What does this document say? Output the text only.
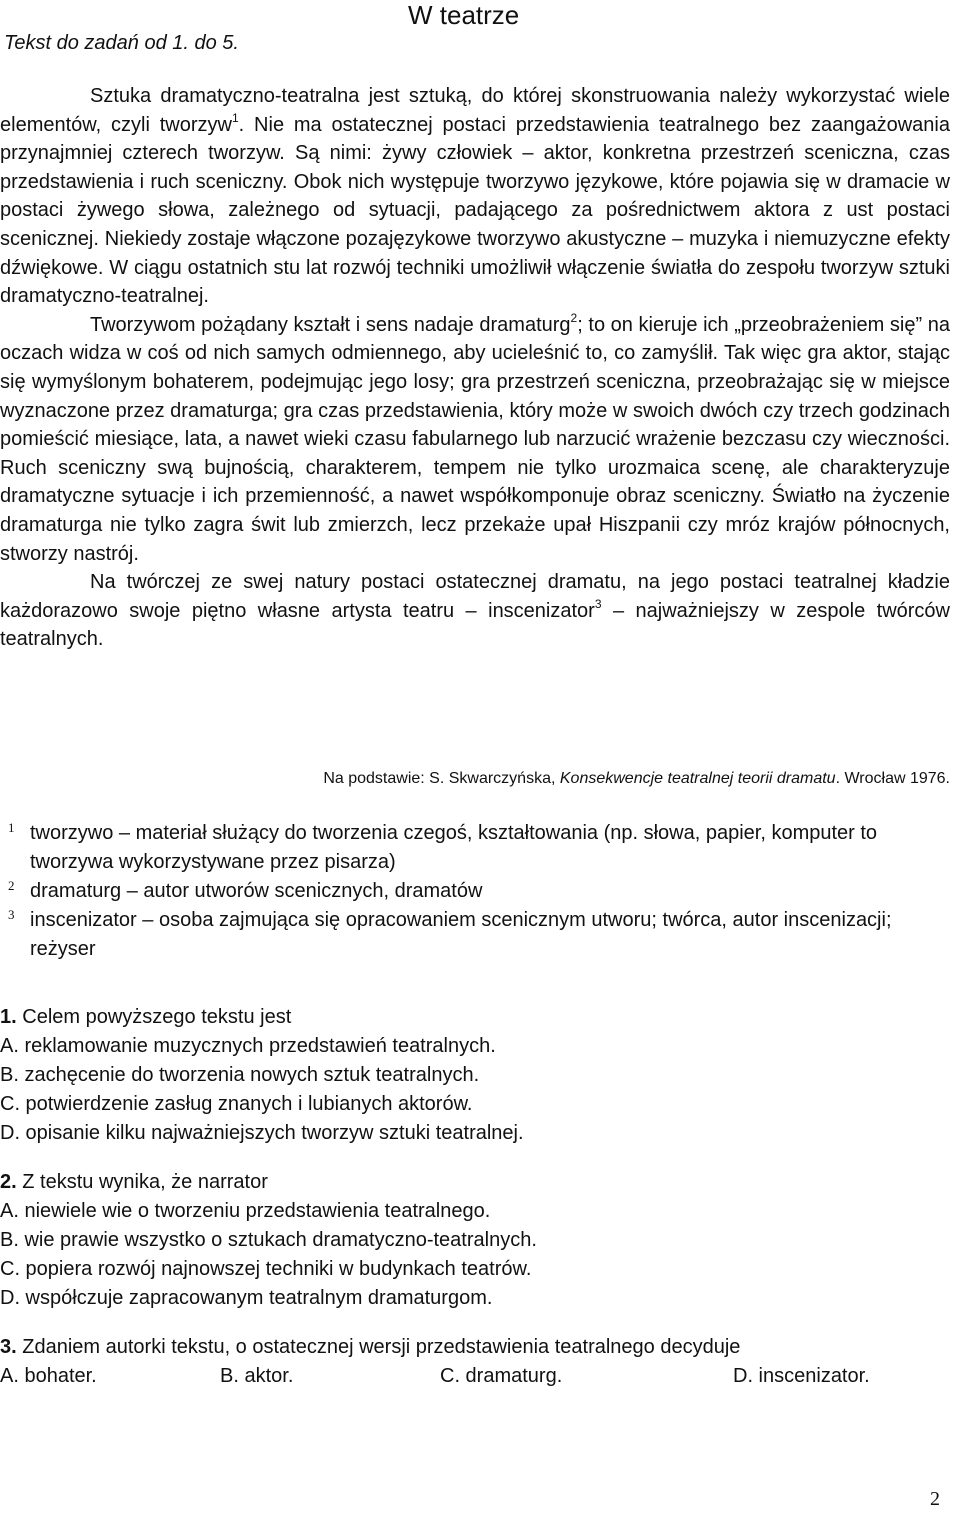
Tekst do zadań od 1. do 5.
W teatrze

Sztuka dramatyczno-teatralna jest sztuką, do której skonstruowania należy wykorzystać wiele elementów, czyli tworzyw$^1$. Nie ma ostatecznej postaci przedstawienia teatralnego bez zaangażowania przynajmniej czterech tworzyw. Są nimi: żywy człowiek – aktor, konkretna przestrzeń sceniczna, czas przedstawienia i ruch sceniczny. Obok nich występuje tworzywo językowe, które pojawia się w dramacie w postaci żywego słowa, zależnego od sytuacji, padającego za pośrednictwem aktora z ust postaci scenicznej. Niekiedy zostaje włączone pozajęzykowe tworzywo akustyczne – muzyka i niemuzyczne efekty dźwiękowe. W ciągu ostatnich stu lat rozwój techniki umożliwił włączenie światła do zespołu tworzyw sztuki dramatyczno-teatralnej.

Tworzywom pożądany kształt i sens nadaje dramaturg$^2$; to on kieruje ich „przeobrażeniem się” na oczach widza w coś od nich samych odmiennego, aby ucieleśnić to, co zamyślił. Tak więc gra aktor, stając się wymyślonym bohaterem, podejmując jego losy; gra przestrzeń sceniczna, przeobrażając się w miejsce wyznaczone przez dramaturga; gra czas przedstawienia, który może w swoich dwóch czy trzech godzinach pomieścić miesiące, lata, a nawet wieki czasu fabularnego lub narzucić wrażenie bezczasu czy wieczności. Ruch sceniczny swą bujnością, charakterem, tempem nie tylko urozmaica scenę, ale charakteryzuje dramatyczne sytuacje i ich przemienność, a nawet współkomponuje obraz sceniczny. Światło na życzenie dramaturga nie tylko zagra świt lub zmierzch, lecz przekaże upał Hiszpanii czy mróz krajów północnych, stworzy nastrój.

Na twórczej ze swej natury postaci ostatecznej dramatu, na jego postaci teatralnej kładzie każdorazowo swoje piętno własne artysta teatru – inscenizator$^3$ – najważniejszy w zespole twórców teatralnych.

Na podstawie: S. Skwarczyńska, Konsekwencje teatralnej teorii dramatu. Wrocław 1976.
1 tworzywo – materiał służący do tworzenia czegoś, kształtowania (np. słowa, papier, komputer to tworzywa wykorzystywane przez pisarza)
2 dramaturg – autor utworów scenicznych, dramatów
3 inscenizator – osoba zajmująca się opracowaniem scenicznym utworu; twórca, autor inscenizacji; reżyser
1. Celem powyższego tekstu jest
A. reklamowanie muzycznych przedstawień teatralnych.
B. zachęcenie do tworzenia nowych sztuk teatralnych.
C. potwierdzenie zasług znanych i lubianych aktorów.
D. opisanie kilku najważniejszych tworzyw sztuki teatralnej.
2. Z tekstu wynika, że narrator
A. niewiele wie o tworzeniu przedstawienia teatralnego.
B. wie prawie wszystko o sztukach dramatyczno-teatralnych.
C. popiera rozwój najnowszej techniki w budynkach teatrów.
D. współczuje zapracowanym teatralnym dramaturgom.
3. Zdaniem autorki tekstu, o ostatecznej wersji przedstawienia teatralnego decyduje
A. bohater.	B. aktor.	C. dramaturg.	D. inscenizator.
2
